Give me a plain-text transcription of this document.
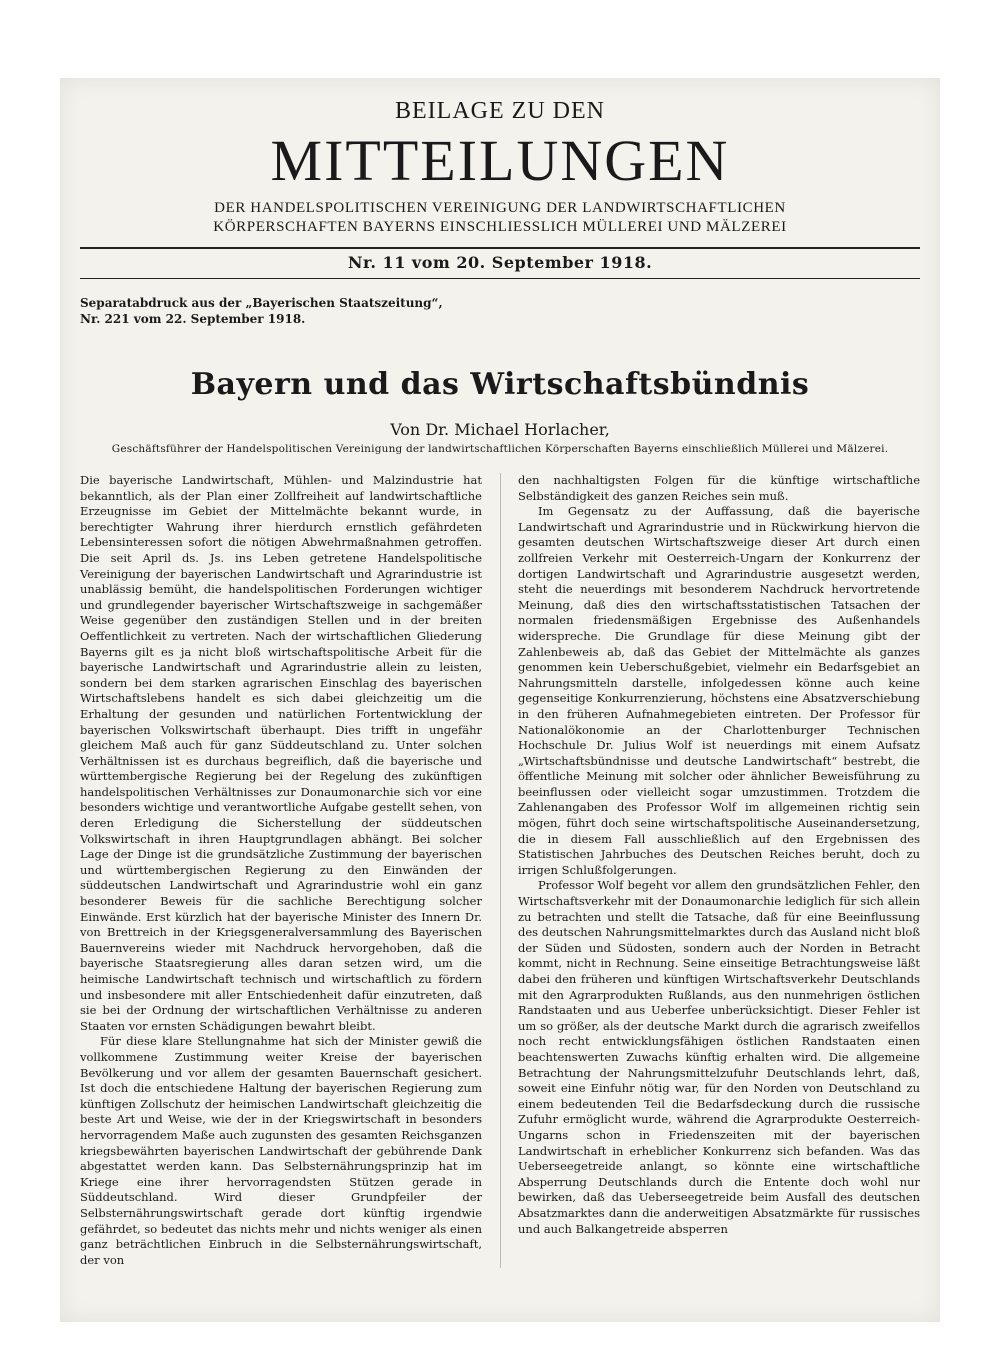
BEILAGE ZU DEN
MITTEILUNGEN
DER HANDELSPOLITISCHEN VEREINIGUNG DER LANDWIRTSCHAFTLICHEN
KÖRPERSCHAFTEN BAYERNS EINSCHLIESSLICH MÜLLEREI UND MÄLZEREI
Nr. 11 vom 20. September 1918.
Separatabdruck aus der „Bayerischen Staatszeitung“,
Nr. 221 vom 22. September 1918.
Bayern und das Wirtschaftsbündnis
Von Dr. Michael Horlacher,
Geschäftsführer der Handelspolitischen Vereinigung der landwirtschaftlichen Körperschaften Bayerns einschließlich Müllerei und Mälzerei.

Die bayerische Landwirtschaft, Mühlen- und Malzindustrie hat bekanntlich, als der Plan einer Zollfreiheit auf landwirtschaftliche Erzeugnisse im Gebiet der Mittelmächte bekannt wurde, in berechtigter Wahrung ihrer hierdurch ernstlich gefährdeten Lebensinteressen sofort die nötigen Abwehrmaßnahmen getroffen. Die seit April ds. Js. ins Leben getretene Handelspolitische Vereinigung der bayerischen Landwirtschaft und Agrarindustrie ist unablässig bemüht, die handelspolitischen Forderungen wichtiger und grundlegender bayerischer Wirtschaftszweige in sachgemäßer Weise gegenüber den zuständigen Stellen und in der breiten Oeffentlichkeit zu vertreten. Nach der wirtschaftlichen Gliederung Bayerns gilt es ja nicht bloß wirtschaftspolitische Arbeit für die bayerische Landwirtschaft und Agrarindustrie allein zu leisten, sondern bei dem starken agrarischen Einschlag des bayerischen Wirtschaftslebens handelt es sich dabei gleichzeitig um die Erhaltung der gesunden und natürlichen Fortentwicklung der bayerischen Volkswirtschaft überhaupt. Dies trifft in ungefähr gleichem Maß auch für ganz Süddeutschland zu. Unter solchen Verhältnissen ist es durchaus begreiflich, daß die bayerische und württembergische Regierung bei der Regelung des zukünftigen handelspolitischen Verhältnisses zur Donaumonarchie sich vor eine besonders wichtige und verantwortliche Aufgabe gestellt sehen, von deren Erledigung die Sicherstellung der süddeutschen Volkswirtschaft in ihren Hauptgrundlagen abhängt. Bei solcher Lage der Dinge ist die grundsätzliche Zustimmung der bayerischen und württembergischen Regierung zu den Einwänden der süddeutschen Landwirtschaft und Agrarindustrie wohl ein ganz besonderer Beweis für die sachliche Berechtigung solcher Einwände. Erst kürzlich hat der bayerische Minister des Innern Dr. von Brettreich in der Kriegsgeneralversammlung des Bayerischen Bauernvereins wieder mit Nachdruck hervorgehoben, daß die bayerische Staatsregierung alles daran setzen wird, um die heimische Landwirtschaft technisch und wirtschaftlich zu fördern und insbesondere mit aller Entschiedenheit dafür einzutreten, daß sie bei der Ordnung der wirtschaftlichen Verhältnisse zu anderen Staaten vor ernsten Schädigungen bewahrt bleibt.

Für diese klare Stellungnahme hat sich der Minister gewiß die vollkommene Zustimmung weiter Kreise der bayerischen Bevölkerung und vor allem der gesamten Bauernschaft gesichert. Ist doch die entschiedene Haltung der bayerischen Regierung zum künftigen Zollschutz der heimischen Landwirtschaft gleichzeitig die beste Art und Weise, wie der in der Kriegswirtschaft in besonders hervorragendem Maße auch zugunsten des gesamten Reichsganzen kriegsbewährten bayerischen Landwirtschaft der gebührende Dank abgestattet werden kann. Das Selbsternährungsprinzip hat im Kriege eine ihrer hervorragendsten Stützen gerade in Süddeutschland. Wird dieser Grundpfeiler der Selbsternährungswirtschaft gerade dort künftig irgendwie gefährdet, so bedeutet das nichts mehr und nichts weniger als einen ganz beträchtlichen Einbruch in die Selbsternährungswirtschaft, der von

den nachhaltigsten Folgen für die künftige wirtschaftliche Selbständigkeit des ganzen Reiches sein muß.

Im Gegensatz zu der Auffassung, daß die bayerische Landwirtschaft und Agrarindustrie und in Rückwirkung hiervon die gesamten deutschen Wirtschaftszweige dieser Art durch einen zollfreien Verkehr mit Oesterreich-Ungarn der Konkurrenz der dortigen Landwirtschaft und Agrarindustrie ausgesetzt werden, steht die neuerdings mit besonderem Nachdruck hervortretende Meinung, daß dies den wirtschaftsstatistischen Tatsachen der normalen friedensmäßigen Ergebnisse des Außenhandels widerspreche. Die Grundlage für diese Meinung gibt der Zahlenbeweis ab, daß das Gebiet der Mittelmächte als ganzes genommen kein Ueberschußgebiet, vielmehr ein Bedarfsgebiet an Nahrungsmitteln darstelle, infolgedessen könne auch keine gegenseitige Konkurrenzierung, höchstens eine Absatzverschiebung in den früheren Aufnahmegebieten eintreten. Der Professor für Nationalökonomie an der Charlottenburger Technischen Hochschule Dr. Julius Wolf ist neuerdings mit einem Aufsatz „Wirtschaftsbündnisse und deutsche Landwirtschaft“ bestrebt, die öffentliche Meinung mit solcher oder ähnlicher Beweisführung zu beeinflussen oder vielleicht sogar umzustimmen. Trotzdem die Zahlenangaben des Professor Wolf im allgemeinen richtig sein mögen, führt doch seine wirtschaftspolitische Auseinandersetzung, die in diesem Fall ausschließlich auf den Ergebnissen des Statistischen Jahrbuches des Deutschen Reiches beruht, doch zu irrigen Schlußfolgerungen.

Professor Wolf begeht vor allem den grundsätzlichen Fehler, den Wirtschaftsverkehr mit der Donaumonarchie lediglich für sich allein zu betrachten und stellt die Tatsache, daß für eine Beeinflussung des deutschen Nahrungsmittelmarktes durch das Ausland nicht bloß der Süden und Südosten, sondern auch der Norden in Betracht kommt, nicht in Rechnung. Seine einseitige Betrachtungsweise läßt dabei den früheren und künftigen Wirtschaftsverkehr Deutschlands mit den Agrarprodukten Rußlands, aus den nunmehrigen östlichen Randstaaten und aus Ueberfee unberücksichtigt. Dieser Fehler ist um so größer, als der deutsche Markt durch die agrarisch zweifellos noch recht entwicklungsfähigen östlichen Randstaaten einen beachtenswerten Zuwachs künftig erhalten wird. Die allgemeine Betrachtung der Nahrungsmittelzufuhr Deutschlands lehrt, daß, soweit eine Einfuhr nötig war, für den Norden von Deutschland zu einem bedeutenden Teil die Bedarfsdeckung durch die russische Zufuhr ermöglicht wurde, während die Agrarprodukte Oesterreich-Ungarns schon in Friedenszeiten mit der bayerischen Landwirtschaft in erheblicher Konkurrenz sich befanden. Was das Ueberseegetreide anlangt, so könnte eine wirtschaftliche Absperrung Deutschlands durch die Entente doch wohl nur bewirken, daß das Ueberseegetreide beim Ausfall des deutschen Absatzmarktes dann die anderweitigen Absatzmärkte für russisches und auch Balkangetreide absperren
